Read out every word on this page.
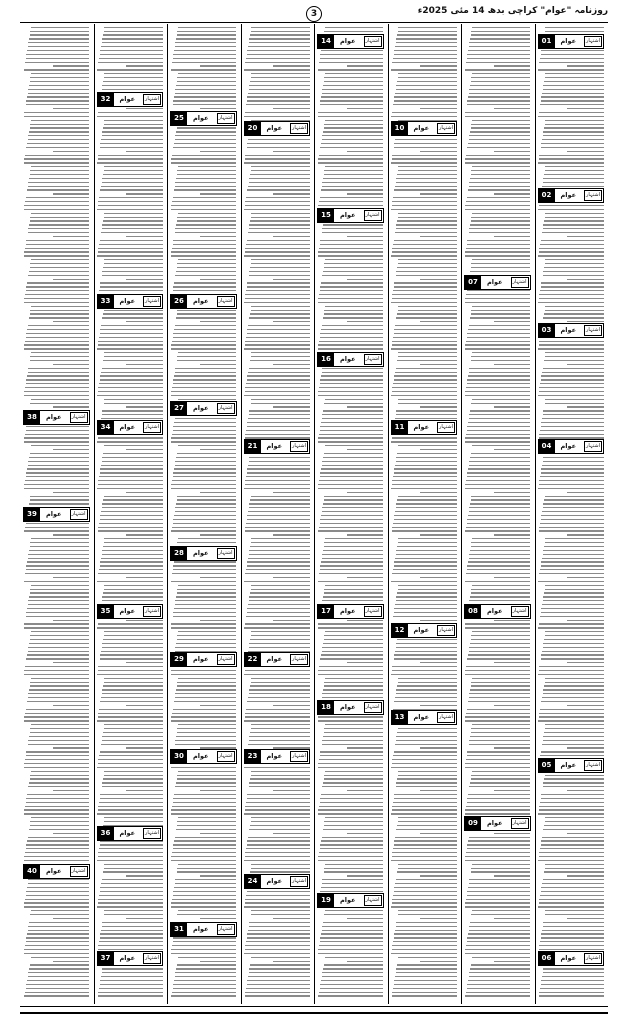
روزنامہ "عوام" کراچی بدھ 14 مئی 2025ء
3
01	عوام	اشتہار
02	عوام	اشتہار
03	عوام	اشتہار
04	عوام	اشتہار
05	عوام	اشتہار
06	عوام	اشتہار
07	عوام	اشتہار
08	عوام	اشتہار
09	عوام	اشتہار
10	عوام	اشتہار
11	عوام	اشتہار
12	عوام	اشتہار
13	عوام	اشتہار
14	عوام	اشتہار
15	عوام	اشتہار
16	عوام	اشتہار
17	عوام	اشتہار
18	عوام	اشتہار
19	عوام	اشتہار
20	عوام	اشتہار
21	عوام	اشتہار
22	عوام	اشتہار
23	عوام	اشتہار
24	عوام	اشتہار
25	عوام	اشتہار
26	عوام	اشتہار
27	عوام	اشتہار
28	عوام	اشتہار
29	عوام	اشتہار
30	عوام	اشتہار
31	عوام	اشتہار
32	عوام	اشتہار
33	عوام	اشتہار
34	عوام	اشتہار
35	عوام	اشتہار
36	عوام	اشتہار
37	عوام	اشتہار
38	عوام	اشتہار
39	عوام	اشتہار
40	عوام	اشتہار
